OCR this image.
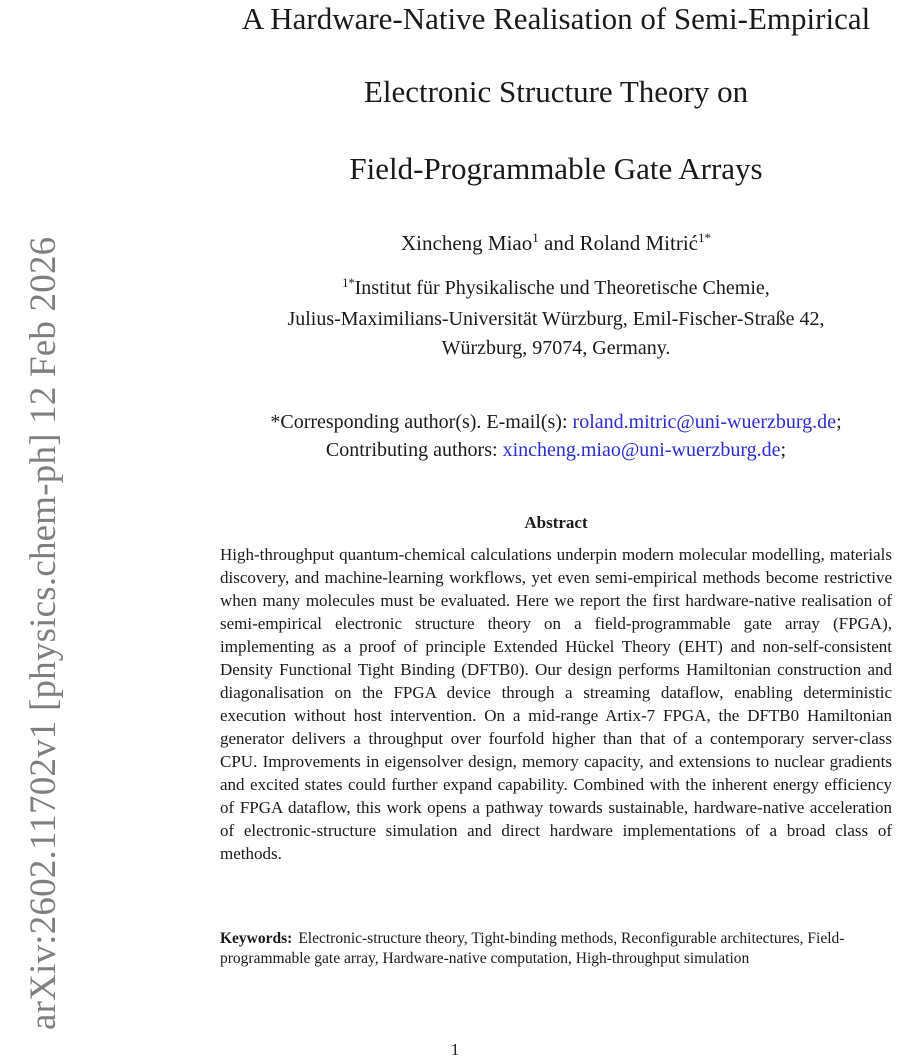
arXiv:2602.11702v1 [physics.chem-ph] 12 Feb 2026
A Hardware-Native Realisation of Semi-Empirical
Electronic Structure Theory on
Field-Programmable Gate Arrays
Xincheng Miao$^1$ and Roland Mitrić$^{1*}$
$^{1*}$Institut für Physikalische und Theoretische Chemie,
Julius-Maximilians-Universität Würzburg, Emil-Fischer-Straße 42,
Würzburg, 97074, Germany.
*Corresponding author(s). E-mail(s): roland.mitric@uni-wuerzburg.de;
Contributing authors: xincheng.miao@uni-wuerzburg.de;
Abstract
High-throughput quantum-chemical calculations underpin modern molecular modelling, materials discovery, and machine-learning workflows, yet even semi-empirical methods become restrictive when many molecules must be evaluated. Here we report the first hardware-native realisation of semi-empirical electronic structure theory on a field-programmable gate array (FPGA), implementing as a proof of principle Extended Hückel Theory (EHT) and non-self-consistent Density Functional Tight Binding (DFTB0). Our design performs Hamiltonian construction and diagonalisation on the FPGA device through a streaming dataflow, enabling deterministic execution without host intervention. On a mid-range Artix-7 FPGA, the DFTB0 Hamiltonian generator delivers a throughput over fourfold higher than that of a contemporary server-class CPU. Improvements in eigensolver design, memory capacity, and extensions to nuclear gradients and excited states could further expand capability. Combined with the inherent energy efficiency of FPGA dataflow, this work opens a pathway towards sustainable, hardware-native acceleration of electronic-structure simulation and direct hardware implementations of a broad class of methods.
Keywords: Electronic-structure theory, Tight-binding methods, Reconfigurable architectures, Field-programmable gate array, Hardware-native computation, High-throughput simulation
1
